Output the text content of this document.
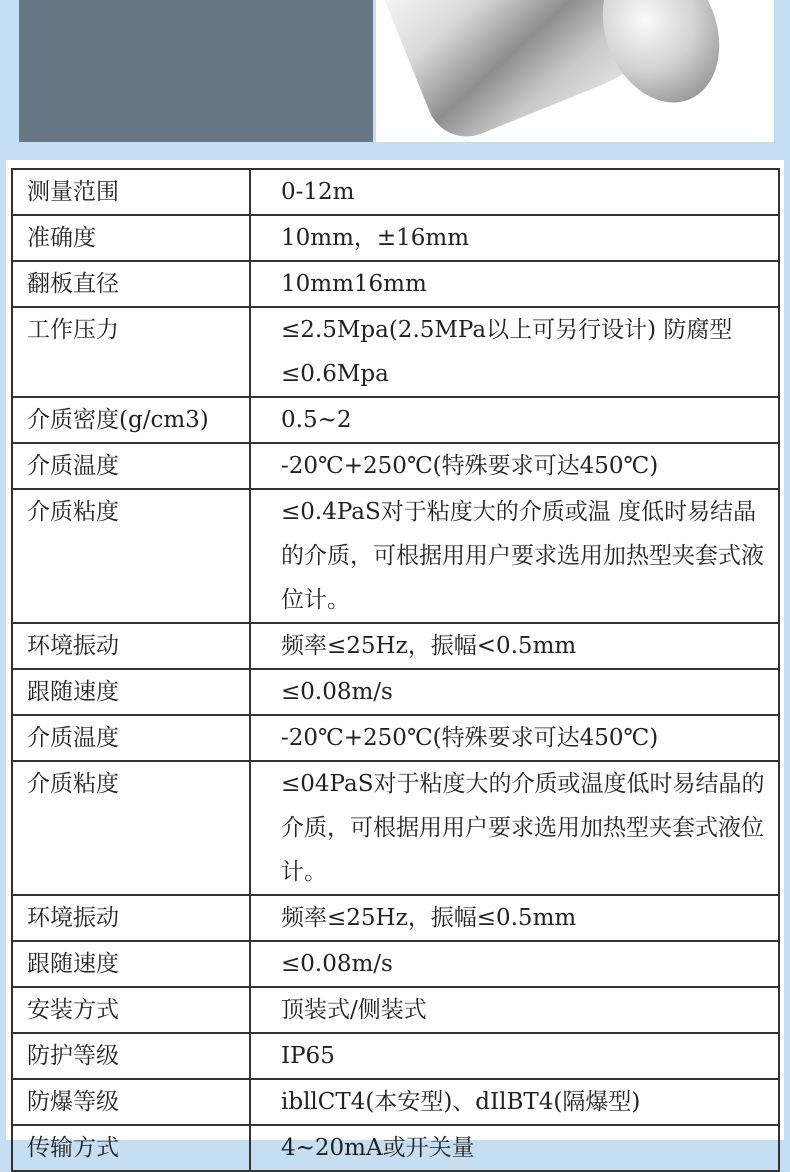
测量范围	0-12m
准确度	10mm，±16mm
翻板直径	10mm16mm
工作压力	≤2.5Mpa(2.5MPa以上可另行设计) 防腐型≤0.6Mpa
介质密度(g/cm3)	0.5~2
介质温度	-20℃+250℃(特殊要求可达450℃)
介质粘度	≤0.4PaS对于粘度大的介质或温 度低时易结晶的介质，可根据用用户要求选用加热型夹套式液位计。
环境振动	频率≤25Hz，振幅<0.5mm
跟随速度	≤0.08m/s
介质温度	-20℃+250℃(特殊要求可达450℃)
介质粘度	≤04PaS对于粘度大的介质或温度低时易结晶的介质，可根据用用户要求选用加热型夹套式液位计。
环境振动	频率≤25Hz，振幅≤0.5mm
跟随速度	≤0.08m/s
安装方式	顶装式/侧装式
防护等级	IP65
防爆等级	ibllCT4(本安型)、dIlBT4(隔爆型)
传输方式	4~20mA或开关量
